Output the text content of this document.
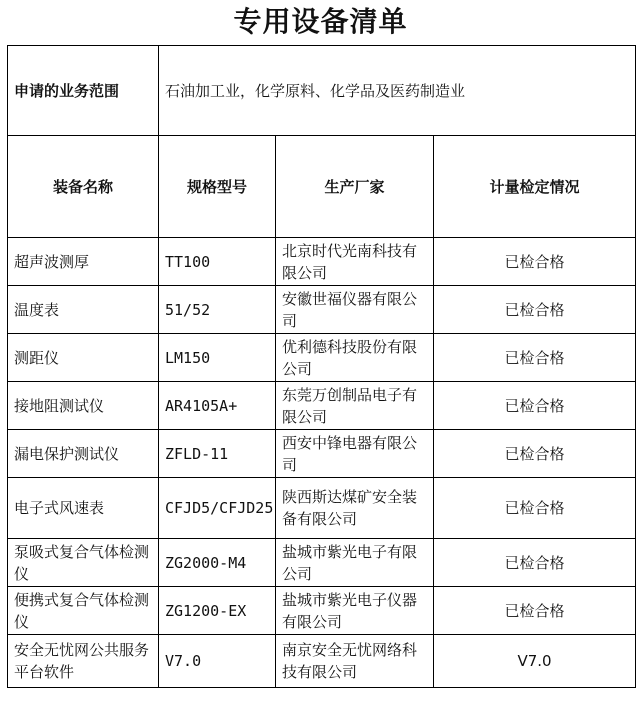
专用设备清单
申请的业务范围	石油加工业，化学原料、化学品及医药制造业		
装备名称	规格型号	生产厂家	计量检定情况
超声波测厚	TT100	北京时代光南科技有限公司	已检合格
温度表	51/52	安徽世福仪器有限公司	已检合格
测距仪	LM150	优利德科技股份有限公司	已检合格
接地阻测试仪	AR4105A+	东莞万创制品电子有限公司	已检合格
漏电保护测试仪	ZFLD-11	西安中锋电器有限公司	已检合格
电子式风速表	CFJD5/CFJD25	陕西斯达煤矿安全装备有限公司	已检合格
泵吸式复合气体检测仪	ZG2000-M4	盐城市紫光电子有限公司	已检合格
便携式复合气体检测仪	ZG1200-EX	盐城市紫光电子仪器有限公司	已检合格
安全无忧网公共服务平台软件	V7.0	南京安全无忧网络科技有限公司	V7.0
